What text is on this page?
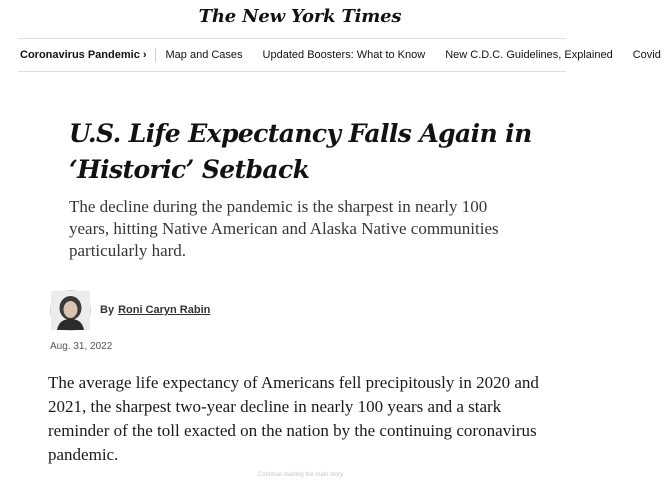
The New York Times
Coronavirus Pandemic ›	Map and Cases	Updated Boosters: What to Know	New C.D.C. Guidelines, Explained	Covid
U.S. Life Expectancy Falls Again in ‘Historic’ Setback

The decline during the pandemic is the sharpest in nearly 100 years, hitting Native American and Alaska Native communities particularly hard.

By Roni Caryn Rabin
Aug. 31, 2022

The average life expectancy of Americans fell precipitously in 2020 and 2021, the sharpest two-year decline in nearly 100 years and a stark reminder of the toll exacted on the nation by the continuing coronavirus pandemic.

Continue reading the main story
